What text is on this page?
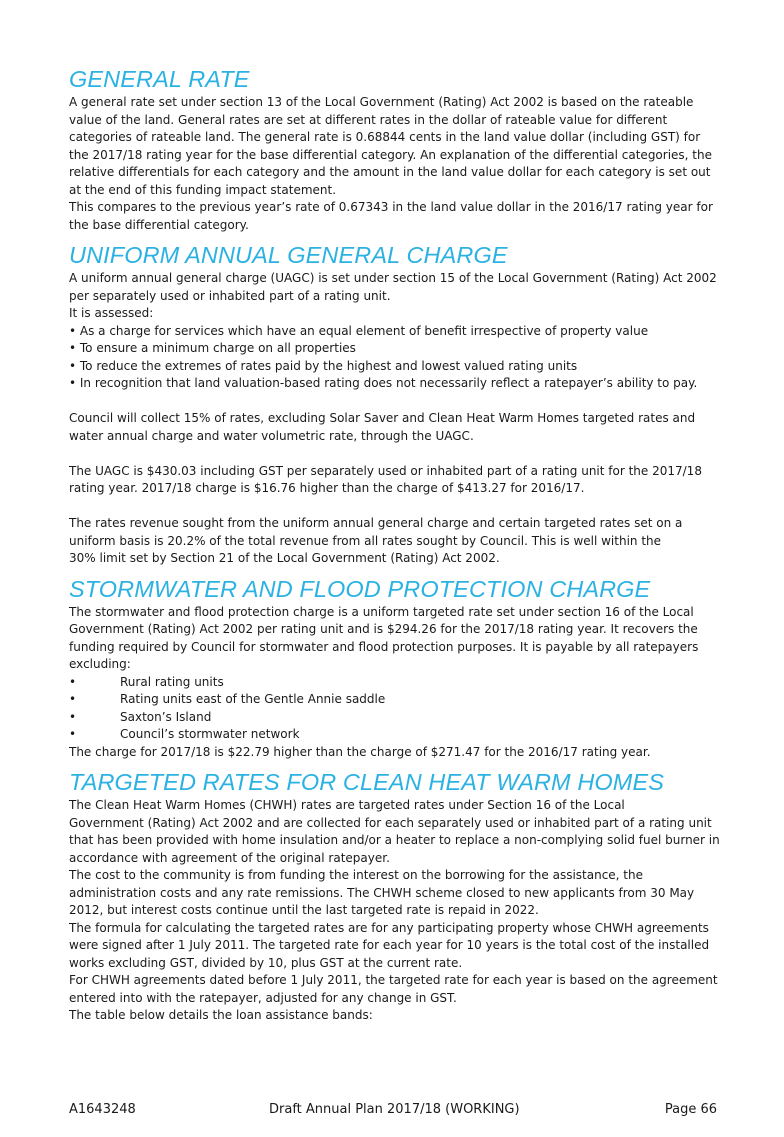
GENERAL RATE

A general rate set under section 13 of the Local Government (Rating) Act 2002 is based on the rateable value of the land. General rates are set at different rates in the dollar of rateable value for different categories of rateable land. The general rate is 0.68844 cents in the land value dollar (including GST) for the 2017/18 rating year for the base differential category. An explanation of the differential categories, the relative differentials for each category and the amount in the land value dollar for each category is set out at the end of this funding impact statement.

This compares to the previous year’s rate of 0.67343 in the land value dollar in the 2016/17 rating year for the base differential category.

UNIFORM ANNUAL GENERAL CHARGE

A uniform annual general charge (UAGC) is set under section 15 of the Local Government (Rating) Act 2002 per separately used or inhabited part of a rating unit.

It is assessed:

• As a charge for services which have an equal element of benefit irrespective of property value
• To ensure a minimum charge on all properties
• To reduce the extremes of rates paid by the highest and lowest valued rating units
• In recognition that land valuation-based rating does not necessarily reflect a ratepayer’s ability to pay.

Council will collect 15% of rates, excluding Solar Saver and Clean Heat Warm Homes targeted rates and water annual charge and water volumetric rate, through the UAGC.

The UAGC is $430.03 including GST per separately used or inhabited part of a rating unit for the 2017/18 rating year. 2017/18 charge is $16.76 higher than the charge of $413.27 for 2016/17.

The rates revenue sought from the uniform annual general charge and certain targeted rates set on a uniform basis is 20.2% of the total revenue from all rates sought by Council. This is well within the

30% limit set by Section 21 of the Local Government (Rating) Act 2002.

STORMWATER AND FLOOD PROTECTION CHARGE

The stormwater and flood protection charge is a uniform targeted rate set under section 16 of the Local Government (Rating) Act 2002 per rating unit and is $294.26 for the 2017/18 rating year. It recovers the funding required by Council for stormwater and flood protection purposes. It is payable by all ratepayers excluding:

•	Rural rating units
•	Rating units east of the Gentle Annie saddle
•	Saxton’s Island
•	Council’s stormwater network

The charge for 2017/18 is $22.79 higher than the charge of $271.47 for the 2016/17 rating year.

TARGETED RATES FOR CLEAN HEAT WARM HOMES

The Clean Heat Warm Homes (CHWH) rates are targeted rates under Section 16 of the Local

Government (Rating) Act 2002 and are collected for each separately used or inhabited part of a rating unit that has been provided with home insulation and/or a heater to replace a non-complying solid fuel burner in accordance with agreement of the original ratepayer.

The cost to the community is from funding the interest on the borrowing for the assistance, the administration costs and any rate remissions. The CHWH scheme closed to new applicants from 30 May 2012, but interest costs continue until the last targeted rate is repaid in 2022.

The formula for calculating the targeted rates are for any participating property whose CHWH agreements were signed after 1 July 2011. The targeted rate for each year for 10 years is the total cost of the installed works excluding GST, divided by 10, plus GST at the current rate.

For CHWH agreements dated before 1 July 2011, the targeted rate for each year is based on the agreement entered into with the ratepayer, adjusted for any change in GST.

The table below details the loan assistance bands:

A1643248	Draft Annual Plan 2017/18 (WORKING)	Page 66
